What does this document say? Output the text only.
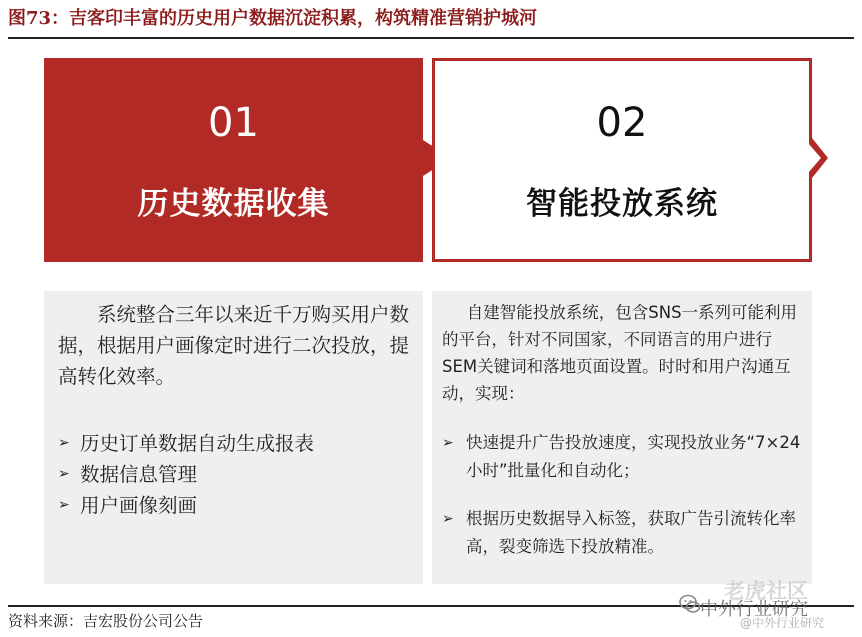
图73：吉客印丰富的历史用户数据沉淀积累，构筑精准营销护城河
01
历史数据收集
02
智能投放系统

系统整合三年以来近千万购买用户数据，根据用户画像定时进行二次投放，提高转化效率。

➢ 历史订单数据自动生成报表
➢ 数据信息管理
➢ 用户画像刻画

自建智能投放系统，包含SNS一系列可能利用的平台，针对不同国家，不同语言的用户进行SEM关键词和落地页面设置。时时和用户沟通互动，实现：

➢ 快速提升广告投放速度，实现投放业务“7×24小时”批量化和自动化；
➢ 根据历史数据导入标签，获取广告引流转化率高，裂变筛选下投放精准。
资料来源：吉宏股份公司公告
老虎社区
中外行业研究
@中外行业研究
